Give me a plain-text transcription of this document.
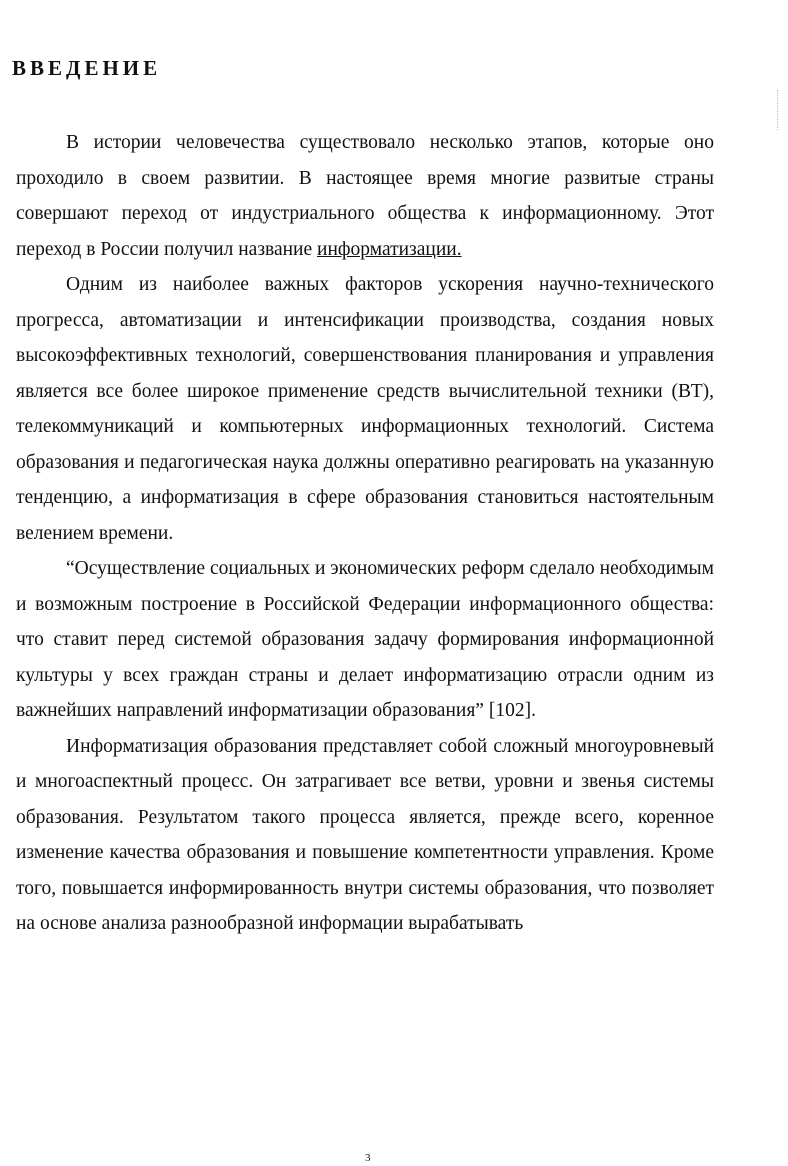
ВВЕДЕНИЕ

В истории человечества существовало несколько этапов, которые оно проходило в своем развитии. В настоящее время многие развитые страны совершают переход от индустриального общества к информационному. Этот переход в России получил название информатизации.

Одним из наиболее важных факторов ускорения научно-технического прогресса, автоматизации и интенсификации производства, создания новых высокоэффективных технологий, совершенствования планирования и управления является все более широкое применение средств вычислительной техники (ВТ), телекоммуникаций и компьютерных информационных технологий. Система образования и педагогическая наука должны оперативно реагировать на указанную тенденцию, а информатизация в сфере образования становиться настоятельным велением времени.

“Осуществление социальных и экономических реформ сделало необходимым и возможным построение в Российской Федерации информационного общества: что ставит перед системой образования задачу формирования информационной культуры у всех граждан страны и делает информатизацию отрасли одним из важнейших направлений информатизации образования” [102].

Информатизация образования представляет собой сложный многоуровневый и многоаспектный процесс. Он затрагивает все ветви, уровни и звенья системы образования. Результатом такого процесса является, прежде всего, коренное изменение качества образования и повышение компетентности управления. Кроме того, повышается информированность внутри системы образования, что позволяет на основе анализа разнообразной информации вырабатывать

3
